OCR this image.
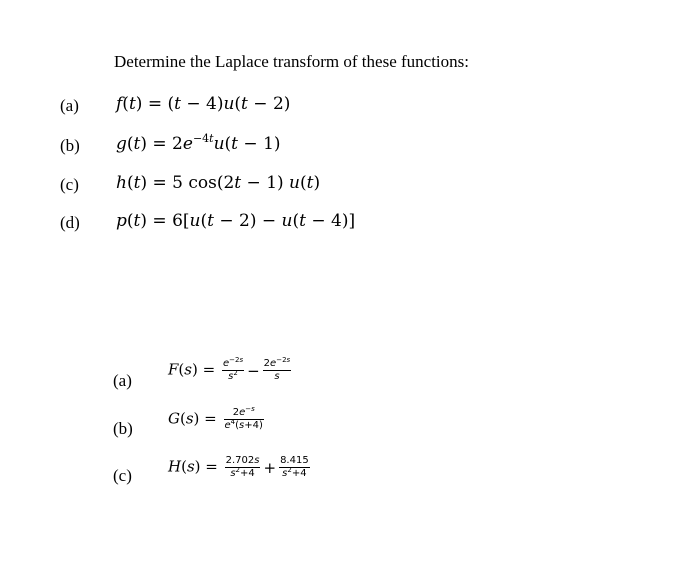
Determine the Laplace transform of these functions:
(a) f(t) = (t − 4)u(t − 2)
(b) $g(t) = 2e^{-4t}u(t - 1)$
(c) h(t) = 5 cos(2t − 1) u(t)
(d) p(t) = 6[u(t − 2) − u(t − 4)]
(a)
$F(s) = \frac{e^{-2s}}{s^2} - \frac{2e^{-2s}}{s}$
(b)
$G(s) = \frac{2e^{-s}}{e^4(s+4)}$
(c) $H(s) = \frac{2.702s}{s^2+4} + \frac{8.415}{s^2+4}$
